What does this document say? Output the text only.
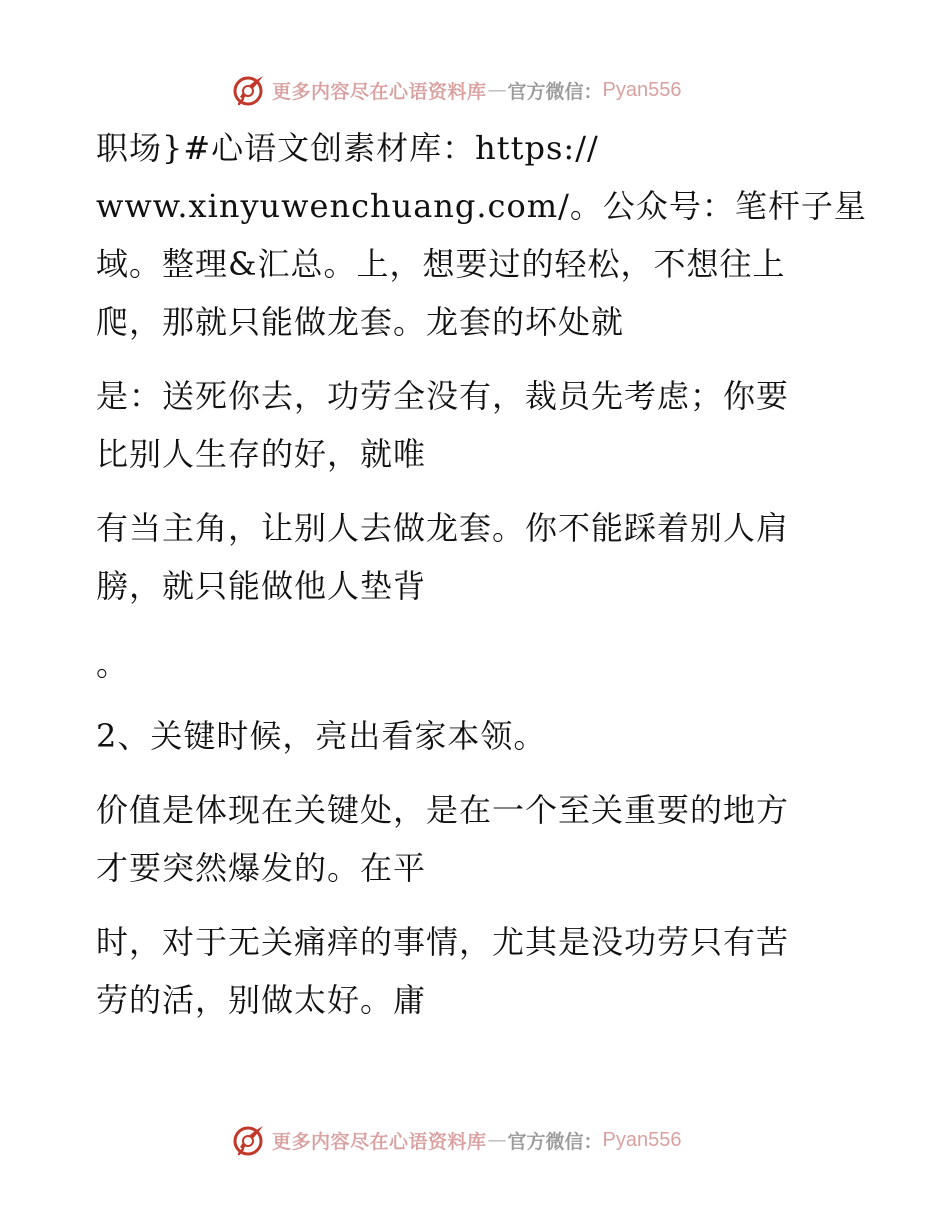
更多内容尽在心语资料库 — 官方微信： Pyan556
职场}#心语文创素材库：https://
www.xinyuwenchuang.com/。公众号：笔杆子星
域。整理&汇总。上，想要过的轻松，不想往上
爬，那就只能做龙套。龙套的坏处就
是：送死你去，功劳全没有，裁员先考虑；你要
比别人生存的好，就唯
有当主角，让别人去做龙套。你不能踩着别人肩
膀，就只能做他人垫背
。
2、关键时候，亮出看家本领。
价值是体现在关键处，是在一个至关重要的地方
才要突然爆发的。在平
时，对于无关痛痒的事情，尤其是没功劳只有苦
劳的活，别做太好。庸
更多内容尽在心语资料库 — 官方微信： Pyan556
